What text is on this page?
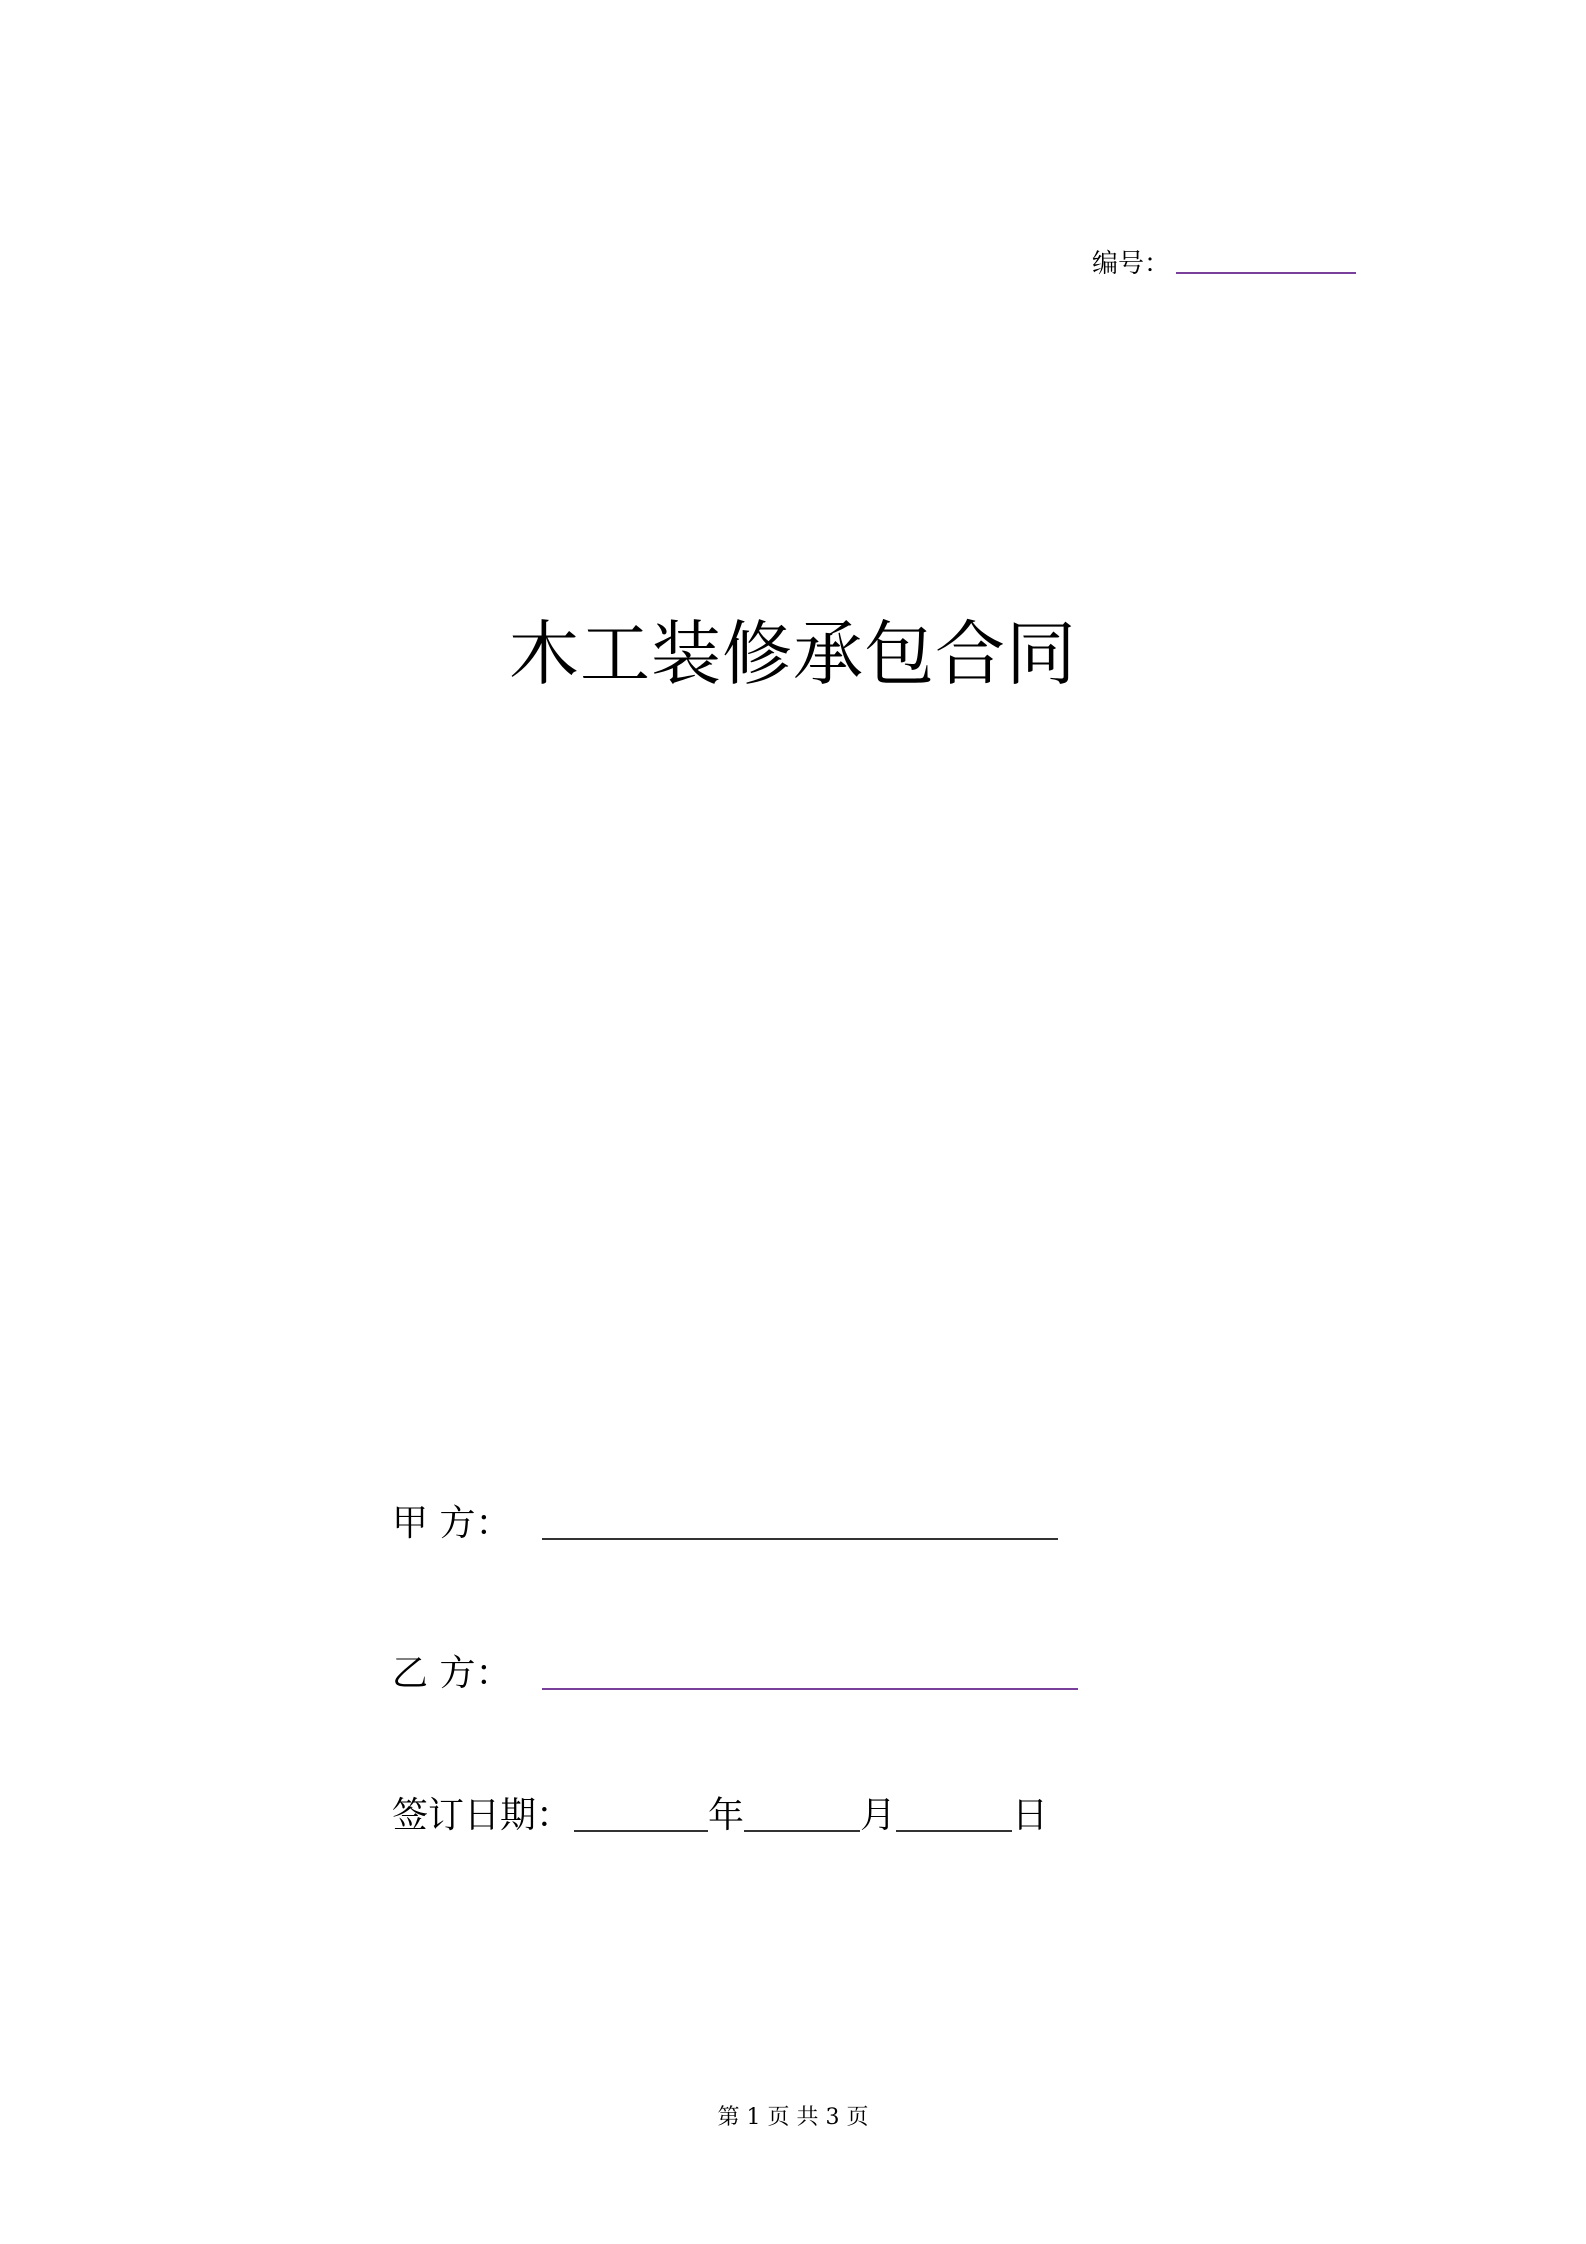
编号：
木工装修承包合同
甲 方：
乙 方：
签订日期：	年	月	日
第 1 页 共 3 页
